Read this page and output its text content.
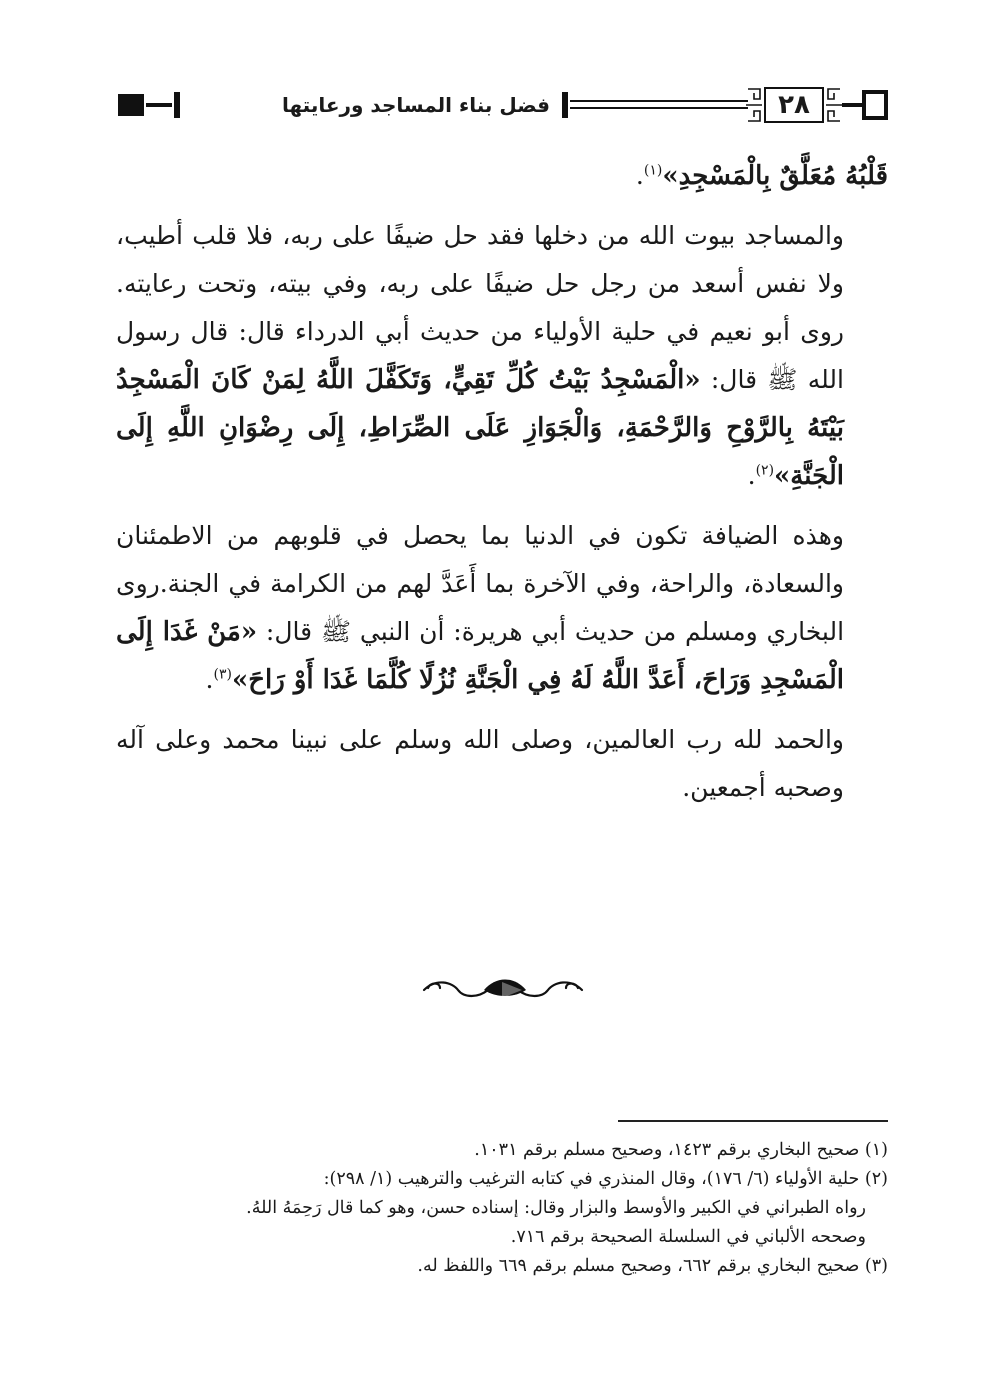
فضل بناء المساجد ورعايتها	٢٨

قَلْبُهُ مُعَلَّقٌ بِالْمَسْجِدِ»$^{(١)}$.

والمساجد بيوت الله من دخلها فقد حل ضيفًا على ربه، فلا قلب أطيب، ولا نفس أسعد من رجل حل ضيفًا على ربه، وفي بيته، وتحت رعايته. روى أبو نعيم في حلية الأولياء من حديث أبي الدرداء قال: قال رسول الله ﷺ قال: «الْمَسْجِدُ بَيْتُ كُلِّ تَقِيٍّ، وَتَكَفَّلَ اللَّهُ لِمَنْ كَانَ الْمَسْجِدُ بَيْتَهُ بِالرَّوْحِ وَالرَّحْمَةِ، وَالْجَوَازِ عَلَى الصِّرَاطِ، إِلَى رِضْوَانِ اللَّهِ إِلَى الْجَنَّةِ»$^{(٢)}$.

وهذه الضيافة تكون في الدنيا بما يحصل في قلوبهم من الاطمئنان والسعادة، والراحة، وفي الآخرة بما أَعَدَّ لهم من الكرامة في الجنة.روى البخاري ومسلم من حديث أبي هريرة: أن النبي ﷺ قال: «مَنْ غَدَا إِلَى الْمَسْجِدِ وَرَاحَ، أَعَدَّ اللَّهُ لَهُ فِي الْجَنَّةِ نُزُلًا كُلَّمَا غَدَا أَوْ رَاحَ»$^{(٣)}$.

والحمد لله رب العالمين، وصلى الله وسلم على نبينا محمد وعلى آله وصحبه أجمعين.

(١) صحيح البخاري برقم ١٤٢٣، وصحيح مسلم برقم ١٠٣١.

(٢) حلية الأولياء (٦/ ١٧٦)، وقال المنذري في كتابه الترغيب والترهيب (١/ ٢٩٨):

رواه الطبراني في الكبير والأوسط والبزار وقال: إسناده حسن، وهو كما قال رَحِمَهُ اللهُ.

وصححه الألباني في السلسلة الصحيحة برقم ٧١٦.

(٣) صحيح البخاري برقم ٦٦٢، وصحيح مسلم برقم ٦٦٩ واللفظ له.
